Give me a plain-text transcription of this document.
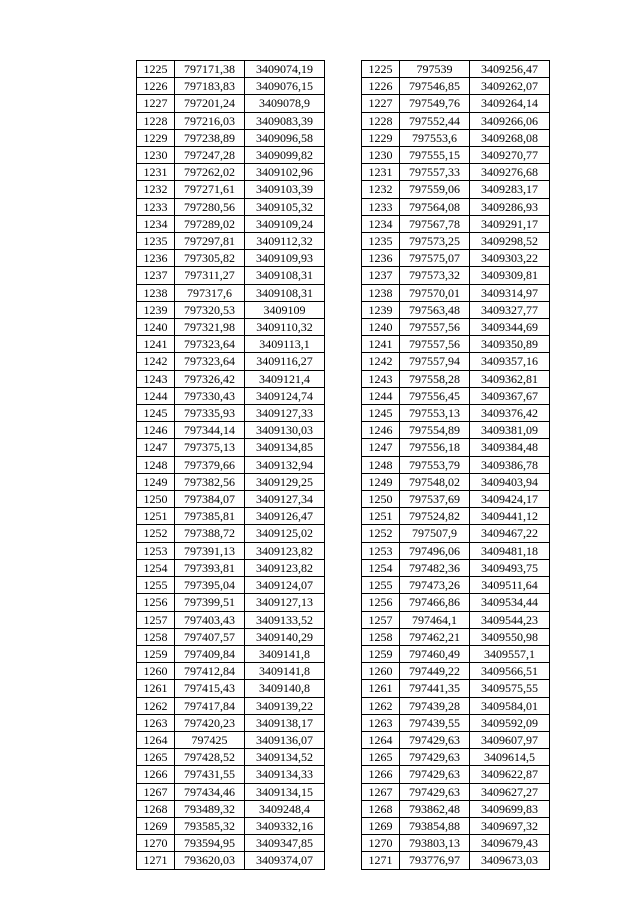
1225	797171,38	3409074,19
1226	797183,83	3409076,15
1227	797201,24	3409078,9
1228	797216,03	3409083,39
1229	797238,89	3409096,58
1230	797247,28	3409099,82
1231	797262,02	3409102,96
1232	797271,61	3409103,39
1233	797280,56	3409105,32
1234	797289,02	3409109,24
1235	797297,81	3409112,32
1236	797305,82	3409109,93
1237	797311,27	3409108,31
1238	797317,6	3409108,31
1239	797320,53	3409109
1240	797321,98	3409110,32
1241	797323,64	3409113,1
1242	797323,64	3409116,27
1243	797326,42	3409121,4
1244	797330,43	3409124,74
1245	797335,93	3409127,33
1246	797344,14	3409130,03
1247	797375,13	3409134,85
1248	797379,66	3409132,94
1249	797382,56	3409129,25
1250	797384,07	3409127,34
1251	797385,81	3409126,47
1252	797388,72	3409125,02
1253	797391,13	3409123,82
1254	797393,81	3409123,82
1255	797395,04	3409124,07
1256	797399,51	3409127,13
1257	797403,43	3409133,52
1258	797407,57	3409140,29
1259	797409,84	3409141,8
1260	797412,84	3409141,8
1261	797415,43	3409140,8
1262	797417,84	3409139,22
1263	797420,23	3409138,17
1264	797425	3409136,07
1265	797428,52	3409134,52
1266	797431,55	3409134,33
1267	797434,46	3409134,15
1268	793489,32	3409248,4
1269	793585,32	3409332,16
1270	793594,95	3409347,85
1271	793620,03	3409374,07
1225	797539	3409256,47
1226	797546,85	3409262,07
1227	797549,76	3409264,14
1228	797552,44	3409266,06
1229	797553,6	3409268,08
1230	797555,15	3409270,77
1231	797557,33	3409276,68
1232	797559,06	3409283,17
1233	797564,08	3409286,93
1234	797567,78	3409291,17
1235	797573,25	3409298,52
1236	797575,07	3409303,22
1237	797573,32	3409309,81
1238	797570,01	3409314,97
1239	797563,48	3409327,77
1240	797557,56	3409344,69
1241	797557,56	3409350,89
1242	797557,94	3409357,16
1243	797558,28	3409362,81
1244	797556,45	3409367,67
1245	797553,13	3409376,42
1246	797554,89	3409381,09
1247	797556,18	3409384,48
1248	797553,79	3409386,78
1249	797548,02	3409403,94
1250	797537,69	3409424,17
1251	797524,82	3409441,12
1252	797507,9	3409467,22
1253	797496,06	3409481,18
1254	797482,36	3409493,75
1255	797473,26	3409511,64
1256	797466,86	3409534,44
1257	797464,1	3409544,23
1258	797462,21	3409550,98
1259	797460,49	3409557,1
1260	797449,22	3409566,51
1261	797441,35	3409575,55
1262	797439,28	3409584,01
1263	797439,55	3409592,09
1264	797429,63	3409607,97
1265	797429,63	3409614,5
1266	797429,63	3409622,87
1267	797429,63	3409627,27
1268	793862,48	3409699,83
1269	793854,88	3409697,32
1270	793803,13	3409679,43
1271	793776,97	3409673,03
